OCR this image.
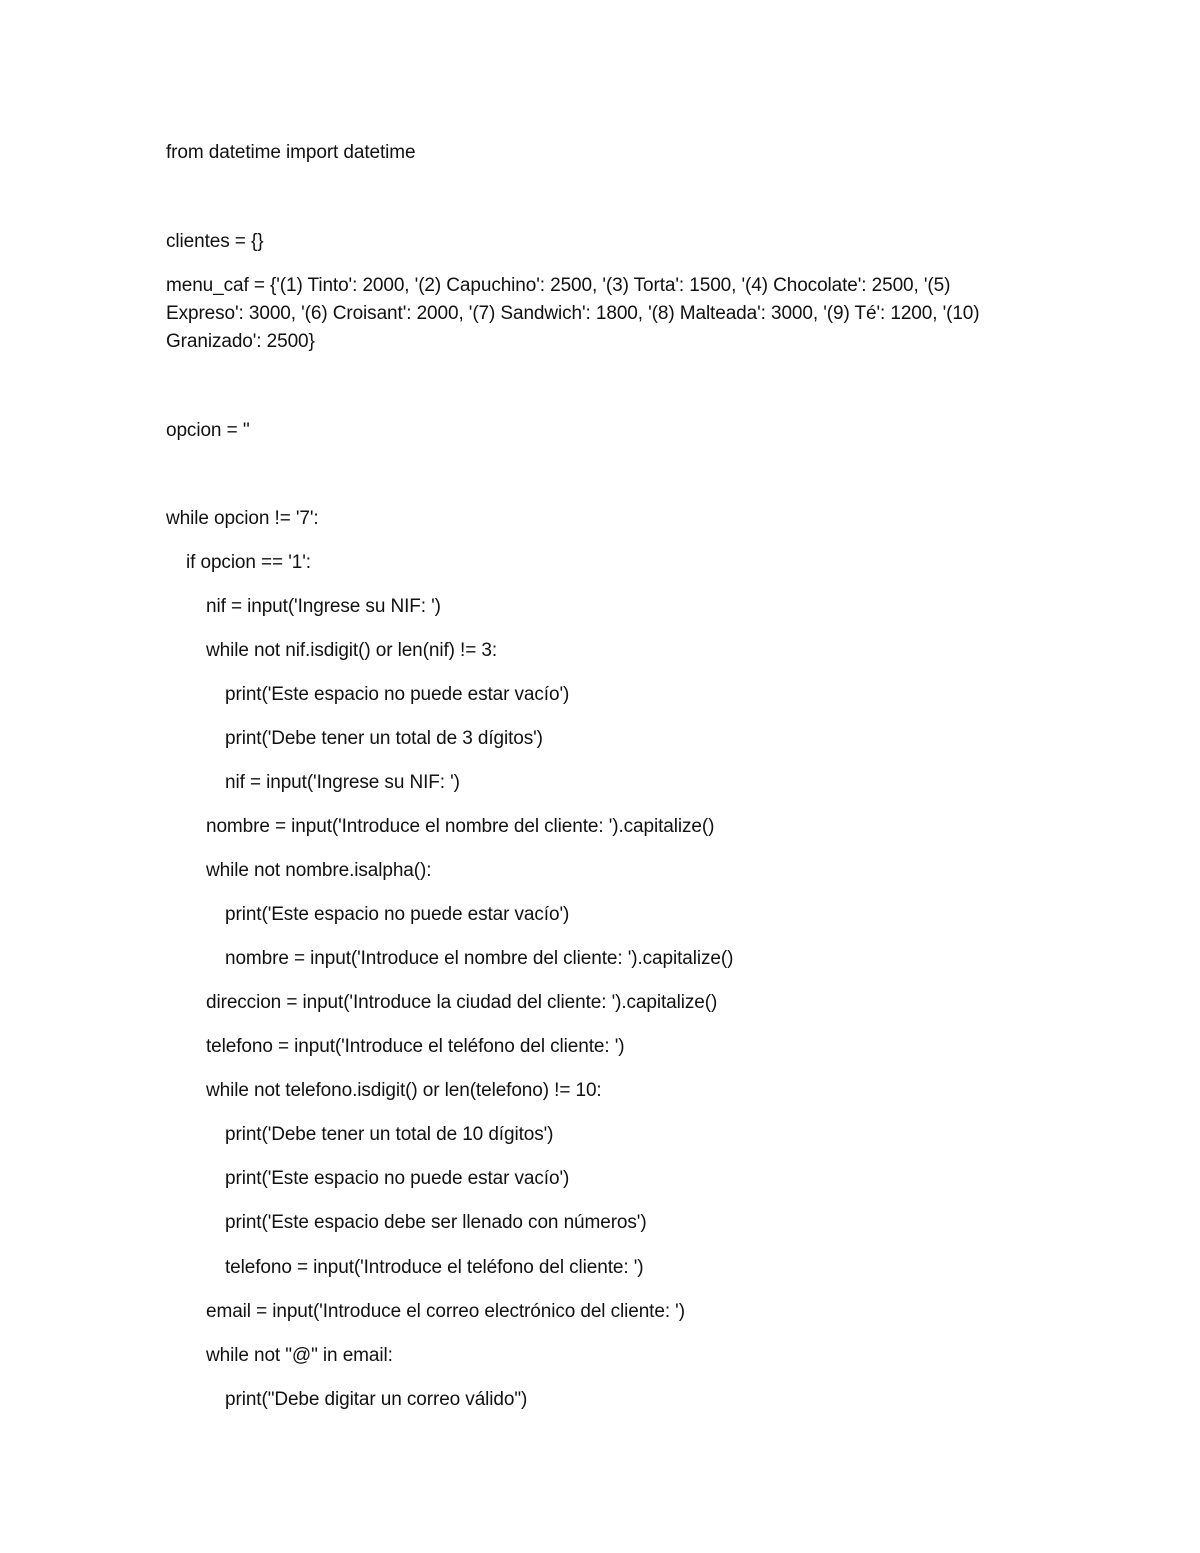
from datetime import datetime
clientes = {}
menu_caf = {'(1) Tinto': 2000, '(2) Capuchino': 2500, '(3) Torta': 1500, '(4) Chocolate': 2500, '(5) Expreso': 3000, '(6) Croisant': 2000, '(7) Sandwich': 1800, '(8) Malteada': 3000, '(9) Té': 1200, '(10) Granizado': 2500}
opcion = ''
while opcion != '7':
if opcion == '1':
nif = input('Ingrese su NIF: ')
while not nif.isdigit() or len(nif) != 3:
print('Este espacio no puede estar vacío')
print('Debe tener un total de 3 dígitos')
nif = input('Ingrese su NIF: ')
nombre = input('Introduce el nombre del cliente: ').capitalize()
while not nombre.isalpha():
print('Este espacio no puede estar vacío')
nombre = input('Introduce el nombre del cliente: ').capitalize()
direccion = input('Introduce la ciudad del cliente: ').capitalize()
telefono = input('Introduce el teléfono del cliente: ')
while not telefono.isdigit() or len(telefono) != 10:
print('Debe tener un total de 10 dígitos')
print('Este espacio no puede estar vacío')
print('Este espacio debe ser llenado con números')
telefono = input('Introduce el teléfono del cliente: ')
email = input('Introduce el correo electrónico del cliente: ')
while not "@" in email:
print("Debe digitar un correo válido")
